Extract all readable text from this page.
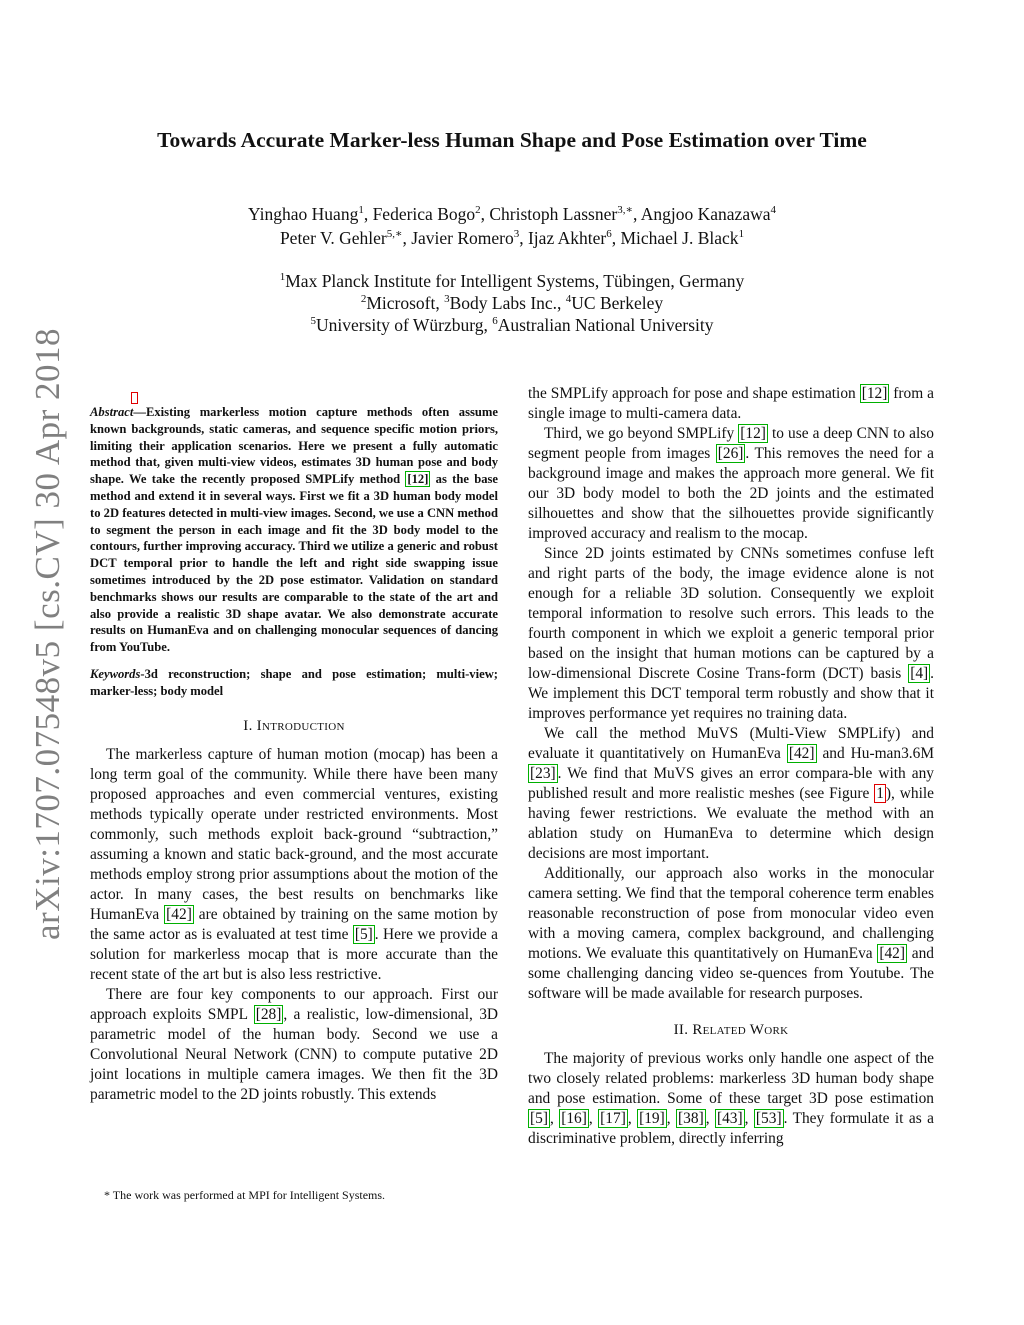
arXiv:1707.07548v5 [cs.CV] 30 Apr 2018
Towards Accurate Marker-less Human Shape and Pose Estimation over Time
Yinghao Huang$^1$, Federica Bogo$^2$, Christoph Lassner$^{3,∗}$, Angjoo Kanazawa$^4$
Peter V. Gehler$^{5,∗}$, Javier Romero$^3$, Ijaz Akhter$^6$, Michael J. Black$^1$
$^1$Max Planck Institute for Intelligent Systems, Tübingen, Germany
$^2$Microsoft, $^3$Body Labs Inc., $^4$UC Berkeley
$^5$University of Würzburg, $^6$Australian National University

Abstract—Existing markerless motion capture methods often assume known backgrounds, static cameras, and sequence specific motion priors, limiting their application scenarios. Here we present a fully automatic method that, given multi-view videos, estimates 3D human pose and body shape. We take the recently proposed SMPLify method [12] as the base method and extend it in several ways. First we fit a 3D human body model to 2D features detected in multi-view images. Second, we use a CNN method to segment the person in each image and fit the 3D body model to the contours, further improving accuracy. Third we utilize a generic and robust DCT temporal prior to handle the left and right side swapping issue sometimes introduced by the 2D pose estimator. Validation on standard benchmarks shows our results are comparable to the state of the art and also provide a realistic 3D shape avatar. We also demonstrate accurate results on HumanEva and on challenging monocular sequences of dancing from YouTube.

Keywords-3d reconstruction; shape and pose estimation; multi-view; marker-less; body model

I. Introduction

The markerless capture of human motion (mocap) has been a long term goal of the community. While there have been many proposed approaches and even commercial ventures, existing methods typically operate under restricted environments. Most commonly, such methods exploit back-ground “subtraction,” assuming a known and static back-ground, and the most accurate methods employ strong prior assumptions about the motion of the actor. In many cases, the best results on benchmarks like HumanEva [42] are obtained by training on the same motion by the same actor as is evaluated at test time [5] . Here we provide a solution for markerless mocap that is more accurate than the recent state of the art but is also less restrictive.

There are four key components to our approach. First our approach exploits SMPL [28] , a realistic, low-dimensional, 3D parametric model of the human body. Second we use a Convolutional Neural Network (CNN) to compute putative 2D joint locations in multiple camera images. We then fit the 3D parametric model to the 2D joints robustly. This extends

the SMPLify approach for pose and shape estimation [12] from a single image to multi-camera data.

Third, we go beyond SMPLify [12] to use a deep CNN to also segment people from images [26] . This removes the need for a background image and makes the approach more general. We fit our 3D body model to both the 2D joints and the estimated silhouettes and show that the silhouettes provide significantly improved accuracy and realism to the mocap.

Since 2D joints estimated by CNNs sometimes confuse left and right parts of the body, the image evidence alone is not enough for a reliable 3D solution. Consequently we exploit temporal information to resolve such errors. This leads to the fourth component in which we exploit a generic temporal prior based on the insight that human motions can be captured by a low-dimensional Discrete Cosine Trans-form (DCT) basis [4] . We implement this DCT temporal term robustly and show that it improves performance yet requires no training data.

We call the method MuVS (Multi-View SMPLify) and evaluate it quantitatively on HumanEva [42] and Hu-man3.6M [23] . We find that MuVS gives an error compara-ble with any published result and more realistic meshes (see Figure 1 ), while having fewer restrictions. We evaluate the method with an ablation study on HumanEva to determine which design decisions are most important.

Additionally, our approach also works in the monocular camera setting. We find that the temporal coherence term enables reasonable reconstruction of pose from monocular video even with a moving camera, complex background, and challenging motions. We evaluate this quantitatively on HumanEva [42] and some challenging dancing video se-quences from Youtube. The software will be made available for research purposes.

II. Related Work

The majority of previous works only handle one aspect of the two closely related problems: markerless 3D human body shape and pose estimation. Some of these target 3D pose estimation [5] , [16] , [17] , [19] , [38] , [43] , [53] . They formulate it as a discriminative problem, directly inferring

* The work was performed at MPI for Intelligent Systems.
